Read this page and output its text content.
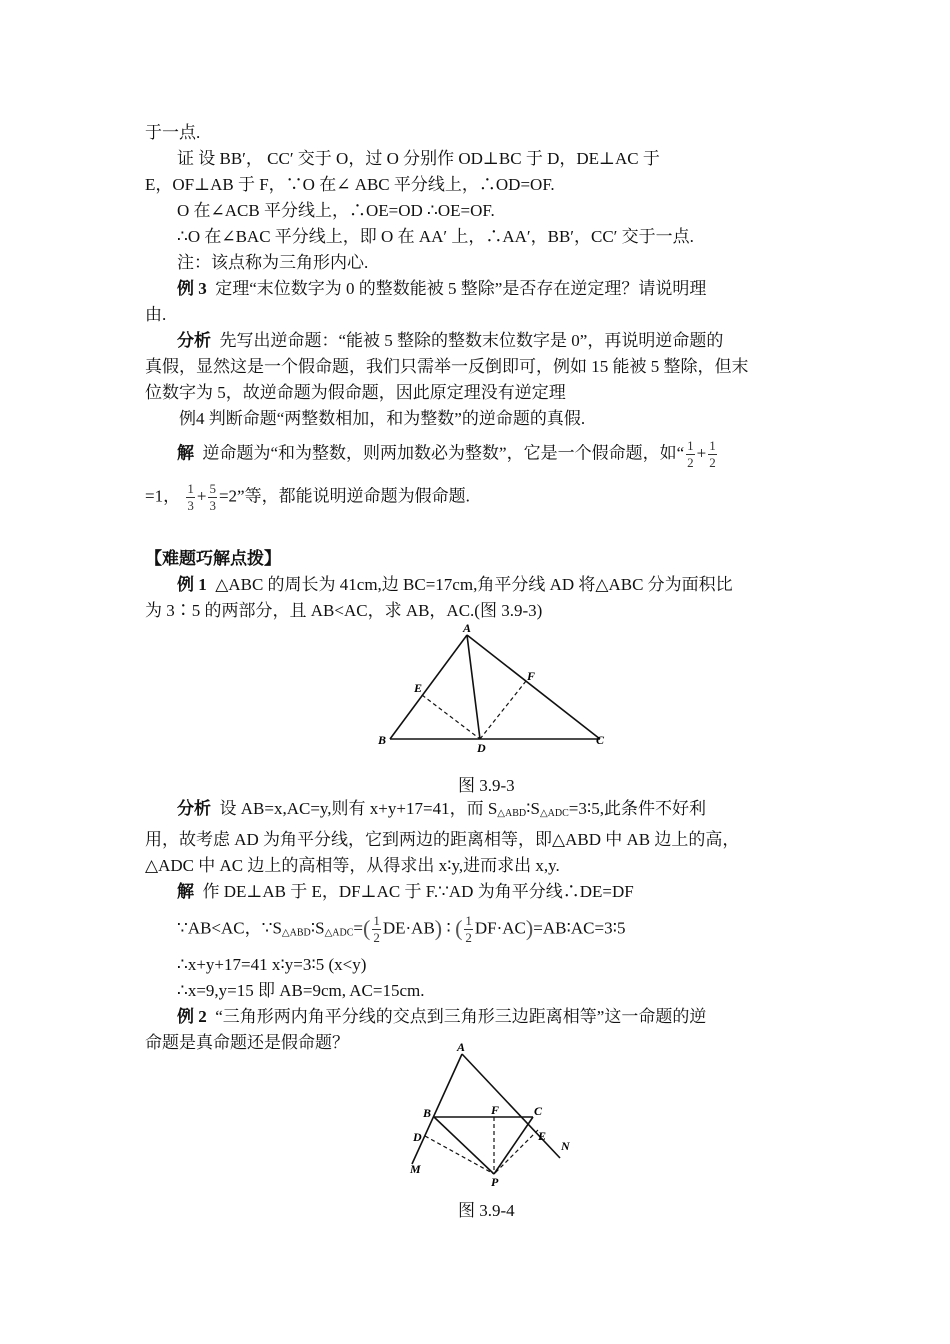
于一点.
证 设 BB′， CC′ 交于 O，过 O 分别作 OD⊥BC 于 D，DE⊥AC 于
E，OF⊥AB 于 F，∵O 在∠ ABC 平分线上，∴OD=OF.
O 在∠ACB 平分线上，∴OE=OD ∴OE=OF.
∴O 在∠BAC 平分线上，即 O 在 AA′ 上，∴AA′，BB′，CC′ 交于一点.
注：该点称为三角形内心.
例 3 定理“末位数字为 0 的整数能被 5 整除”是否存在逆定理？请说明理
由.
分析 先写出逆命题：“能被 5 整除的整数末位数字是 0”，再说明逆命题的
真假，显然这是一个假命题，我们只需举一反倒即可，例如 15 能被 5 整除，但末
位数字为 5，故逆命题为假命题，因此原定理没有逆定理
例4 判断命题“两整数相加，和为整数”的逆命题的真假.
解 逆命题为“和为整数，则两加数必为整数”，它是一个假命题，如“ $\frac{1}{2} + \frac{1}{2}$
=1， $\frac{1}{3} + \frac{5}{3} =2$”等，都能说明逆命题为假命题.
【难题巧解点拨】
例 1 △ABC 的周长为 41cm,边 BC=17cm,角平分线 AD 将△ABC 分为面积比
为 3∶5 的两部分，且 AB<AC，求 AB，AC.(图 3.9-3)
A
B	C
D
E
F
图 3.9-3
分析 设 AB=x,AC=y,则有 x+y+17=41，而 $S_{\triangle ABD}∶S_{\triangle ADC}=3∶5$,此条件不好利
用，故考虑 AD 为角平分线，它到两边的距离相等，即△ABD 中 AB 边上的高，
△ADC 中 AC 边上的高相等，从得求出 x∶y,进而求出 x,y.
解 作 DE⊥AB 于 E，DF⊥AC 于 F.∵AD 为角平分线∴DE=DF
∵AB<AC，$\because S_{\triangle ABD}∶S_{\triangle ADC}=( \frac{1}{2} DE\cdot AB)$ ∶ ( $\frac{1}{2}$ DF·AC)=AB∶AC=3∶5
∴x+y+17=41 x∶y=3∶5 (x<y)
∴x=9,y=15 即 AB=9cm, AC=15cm.
例 2 “三角形两内角平分线的交点到三角形三边距离相等”这一命题的逆
命题是真命题还是假命题？	A
B	C
F
D	E
M
N
P
图 3.9-4
